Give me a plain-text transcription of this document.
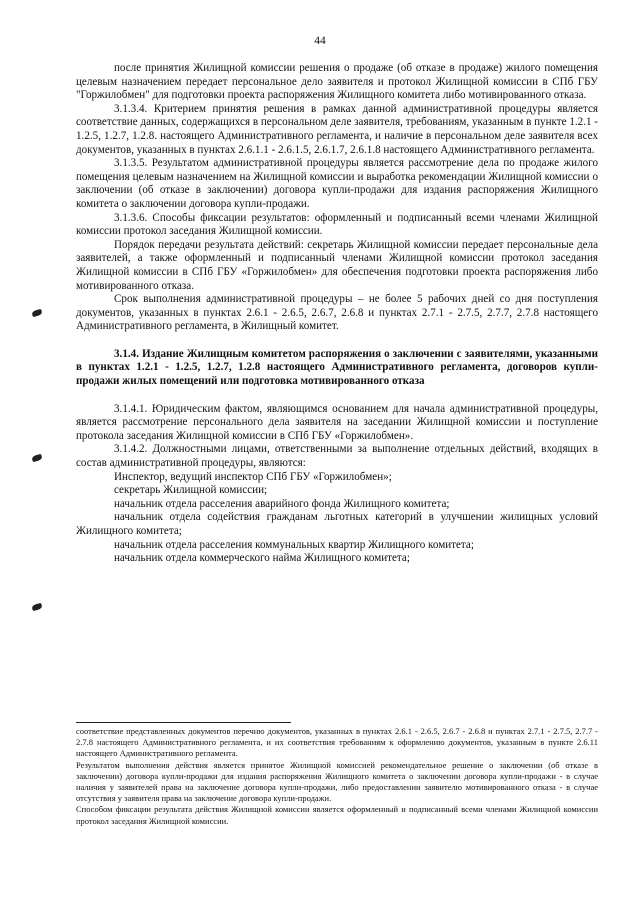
44

после принятия Жилищной комиссии решения о продаже (об отказе в продаже) жилого помещения целевым назначением передает персональное дело заявителя и протокол Жилищной комиссии в СПб ГБУ "Горжилобмен" для подготовки проекта распоряжения Жилищного комитета либо мотивированного отказа.

3.1.3.4. Критерием принятия решения в рамках данной административной процедуры является соответствие данных, содержащихся в персональном деле заявителя, требованиям, указанным в пункте 1.2.1 - 1.2.5, 1.2.7, 1.2.8. настоящего Административного регламента, и наличие в персональном деле заявителя всех документов, указанных в пунктах 2.6.1.1 - 2.6.1.5, 2.6.1.7, 2.6.1.8 настоящего Административного регламента.

3.1.3.5. Результатом административной процедуры является рассмотрение дела по продаже жилого помещения целевым назначением на Жилищной комиссии и выработка рекомендации Жилищной комиссии о заключении (об отказе в заключении) договора купли-продажи для издания распоряжения Жилищного комитета о заключении договора купли-продажи.

3.1.3.6. Способы фиксации результатов: оформленный и подписанный всеми членами Жилищной комиссии протокол заседания Жилищной комиссии.

Порядок передачи результата действий: секретарь Жилищной комиссии передает персональные дела заявителей, а также оформленный и подписанный членами Жилищной комиссии протокол заседания Жилищной комиссии в СПб ГБУ «Горжилобмен» для обеспечения подготовки проекта распоряжения либо мотивированного отказа.

Срок выполнения административной процедуры – не более 5 рабочих дней со дня поступления документов, указанных в пунктах 2.6.1 - 2.6.5, 2.6.7, 2.6.8 и пунктах 2.7.1 - 2.7.5, 2.7.7, 2.7.8 настоящего Административного регламента, в Жилищный комитет.

3.1.4. Издание Жилищным комитетом распоряжения о заключении с заявителями, указанными в пунктах 1.2.1 - 1.2.5, 1.2.7, 1.2.8 настоящего Административного регламента, договоров купли-продажи жилых помещений или подготовка мотивированного отказа

3.1.4.1. Юридическим фактом, являющимся основанием для начала административной процедуры, является рассмотрение персонального дела заявителя на заседании Жилищной комиссии и поступление протокола заседания Жилищной комиссии в СПб ГБУ «Горжилобмен».

3.1.4.2. Должностными лицами, ответственными за выполнение отдельных действий, входящих в состав административной процедуры, являются:

Инспектор, ведущий инспектор СПб ГБУ «Горжилобмен»;

секретарь Жилищной комиссии;

начальник отдела расселения аварийного фонда Жилищного комитета;

начальник отдела содействия гражданам льготных категорий в улучшении жилищных условий Жилищного комитета;

начальник отдела расселения коммунальных квартир Жилищного комитета;

начальник отдела коммерческого найма Жилищного комитета;

соответствие представленных документов перечню документов, указанных в пунктах 2.6.1 - 2.6.5, 2.6.7 - 2.6.8 и пунктах 2.7.1 - 2.7.5, 2.7.7 - 2.7.8 настоящего Административного регламента, и их соответствия требованиям к оформлению документов, указанным в пункте 2.6.11 настоящего Административного регламента.

Результатом выполнения действия является принятое Жилищной комиссией рекомендательное решение о заключении (об отказе в заключении) договора купли-продажи для издания распоряжения Жилищного комитета о заключении договора купли-продажи - в случае наличия у заявителей права на заключение договора купли-продажи, либо предоставлении заявителю мотивированного отказа - в случае отсутствия у заявителя права на заключение договора купли-продажи.

Способом фиксации результата действия Жилищной комиссии является оформленный и подписанный всеми членами Жилищной комиссии протокол заседания Жилищной комиссии.
